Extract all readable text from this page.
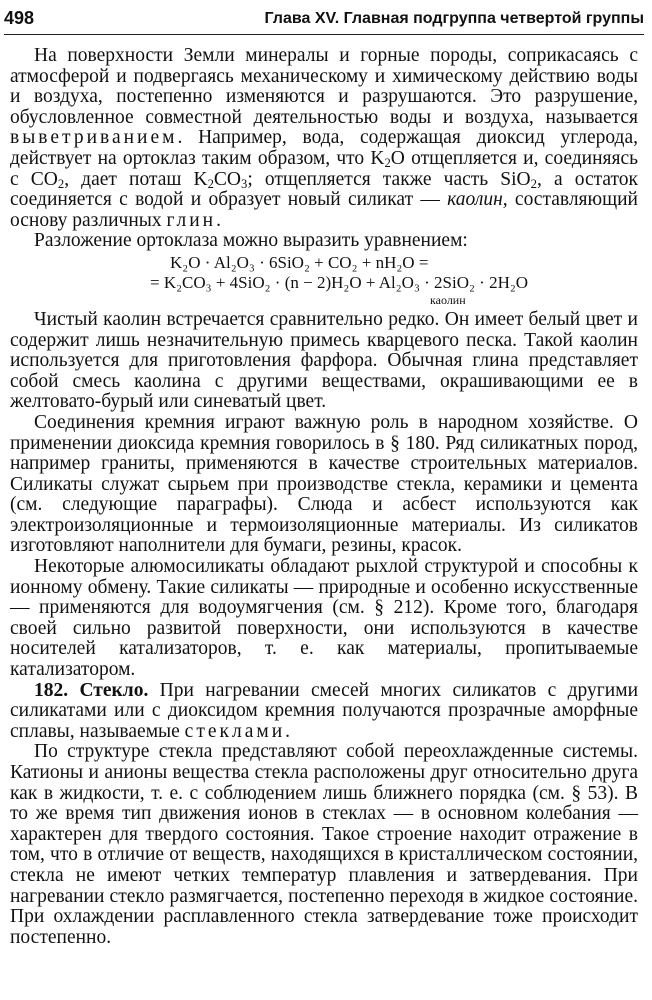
498	Глава XV. Главная подгруппа четвертой группы

На поверхности Земли минералы и горные породы, соприкасаясь с атмосферой и подвергаясь механическому и химическому действию воды и воздуха, постепенно изменяются и разрушаются. Это разрушение, обусловленное совместной деятельностью воды и воздуха, называется выветриванием. Например, вода, содержащая диоксид углерода, действует на ортоклаз таким образом, что $K_2O$ отщепляется и, соединяясь с $CO_2$, дает поташ $K_2CO_3$; отщепляется также часть SiO$_2$, а остаток соединяется с водой и образует новый силикат — каолин, составляющий основу различных глин.

Разложение ортоклаза можно выразить уравнением:

K₂O · Al₂O₃ · 6SiO₂ + CO₂ + nH₂O =
= K₂CO₃ + 4SiO₂ · (n − 2)H₂O + Al₂O₃ · 2SiO₂ · 2H₂O
каолин

Чистый каолин встречается сравнительно редко. Он имеет белый цвет и содержит лишь незначительную примесь кварцевого песка. Такой каолин используется для приготовления фарфора. Обычная глина представляет собой смесь каолина с другими веществами, окрашивающими ее в желтовато-бурый или синеватый цвет.

Соединения кремния играют важную роль в народном хозяйстве. О применении диоксида кремния говорилось в § 180. Ряд силикатных пород, например граниты, применяются в качестве строительных материалов. Силикаты служат сырьем при производстве стекла, керамики и цемента (см. следующие параграфы). Слюда и асбест используются как электроизоляционные и термоизоляционные материалы. Из силикатов изготовляют наполнители для бумаги, резины, красок.

Некоторые алюмосиликаты обладают рыхлой структурой и способны к ионному обмену. Такие силикаты — природные и особенно искусственные — применяются для водоумягчения (см. § 212). Кроме того, благодаря своей сильно развитой поверхности, они используются в качестве носителей катализаторов, т. е. как материалы, пропитываемые катализатором.

182. Стекло. При нагревании смесей многих силикатов с другими силикатами или с диоксидом кремния получаются прозрачные аморфные сплавы, называемые стеклами.

По структуре стекла представляют собой переохлажденные системы. Катионы и анионы вещества стекла расположены друг относительно друга как в жидкости, т. е. с соблюдением лишь ближнего порядка (см. § 53). В то же время тип движения ионов в стеклах — в основном колебания — характерен для твердого состояния. Такое строение находит отражение в том, что в отличие от веществ, находящихся в кристаллическом состоянии, стекла не имеют четких температур плавления и затвердевания. При нагревании стекло размягчается, постепенно переходя в жидкое состояние. При охлаждении расплавленного стекла затвердевание тоже происходит постепенно.
